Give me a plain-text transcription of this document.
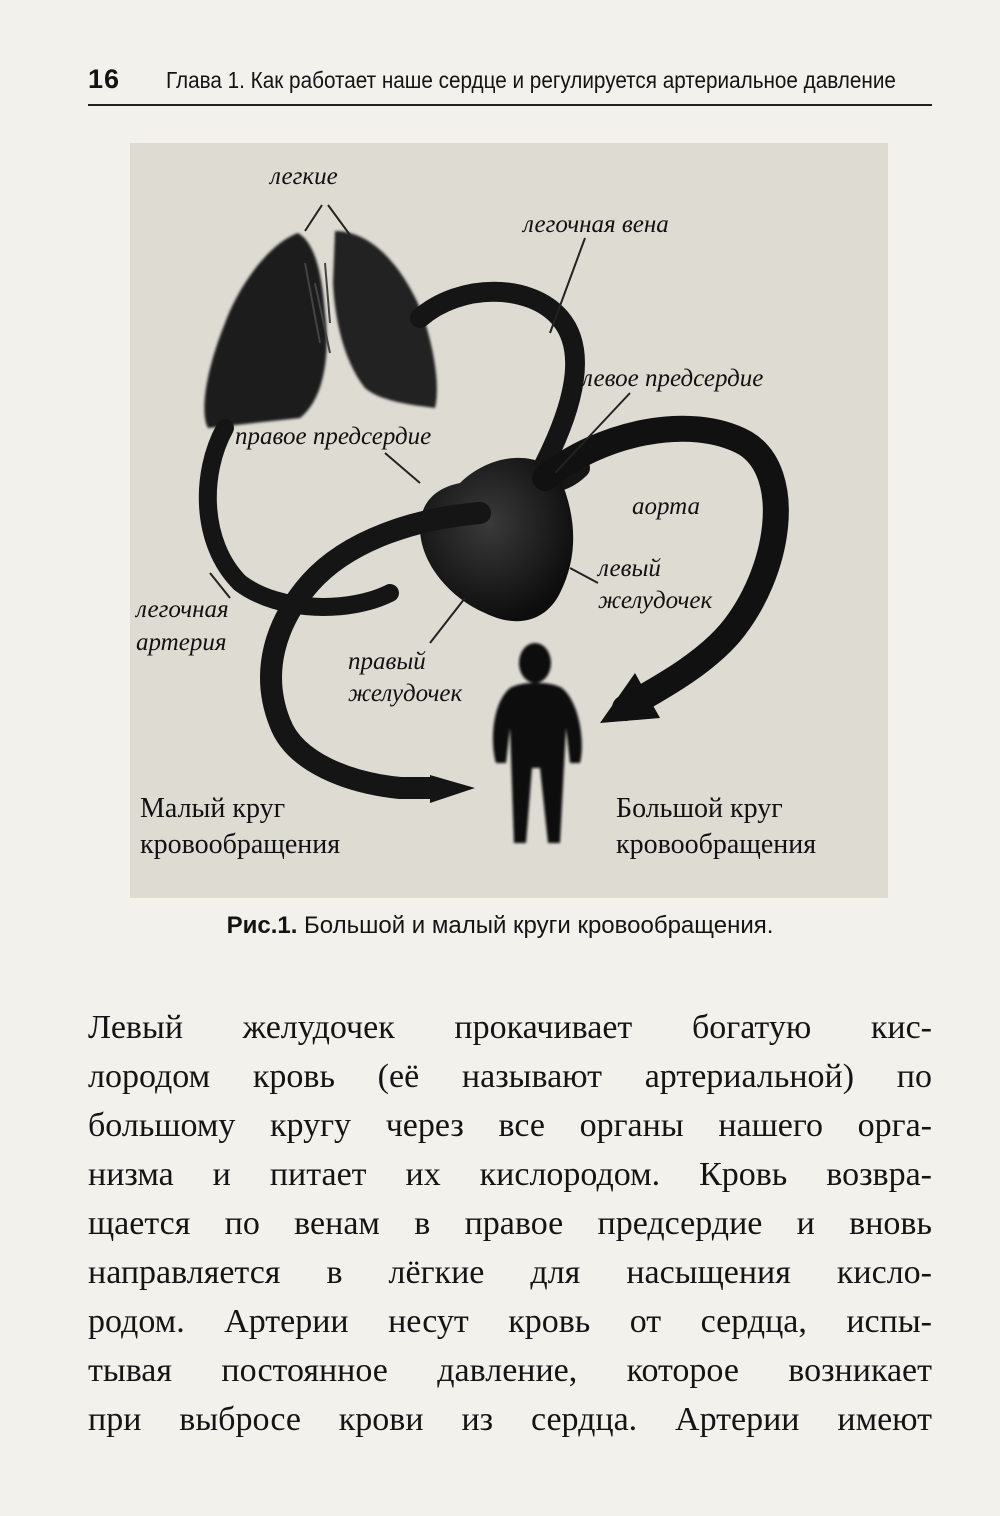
16 Глава 1. Как работает наше сердце и регулируется артериальное давление
легкие
легочная вена
левое предсердие
правое предсердие
аорта
левый
желудочек
легочная
артерия
правый
желудочек
Малый круг
кровообращения
Большой круг
кровообращения
Рис.1. Большой и малый круги кровообращения.
Левый желудочек прокачивает богатую кис-
лородом кровь (её называют артериальной) по
большому кругу через все органы нашего орга-
низма и питает их кислородом. Кровь возвра-
щается по венам в правое предсердие и вновь
направляется в лёгкие для насыщения кисло-
родом. Артерии несут кровь от сердца, испы-
тывая постоянное давление, которое возникает
при выбросе крови из сердца. Артерии имеют
